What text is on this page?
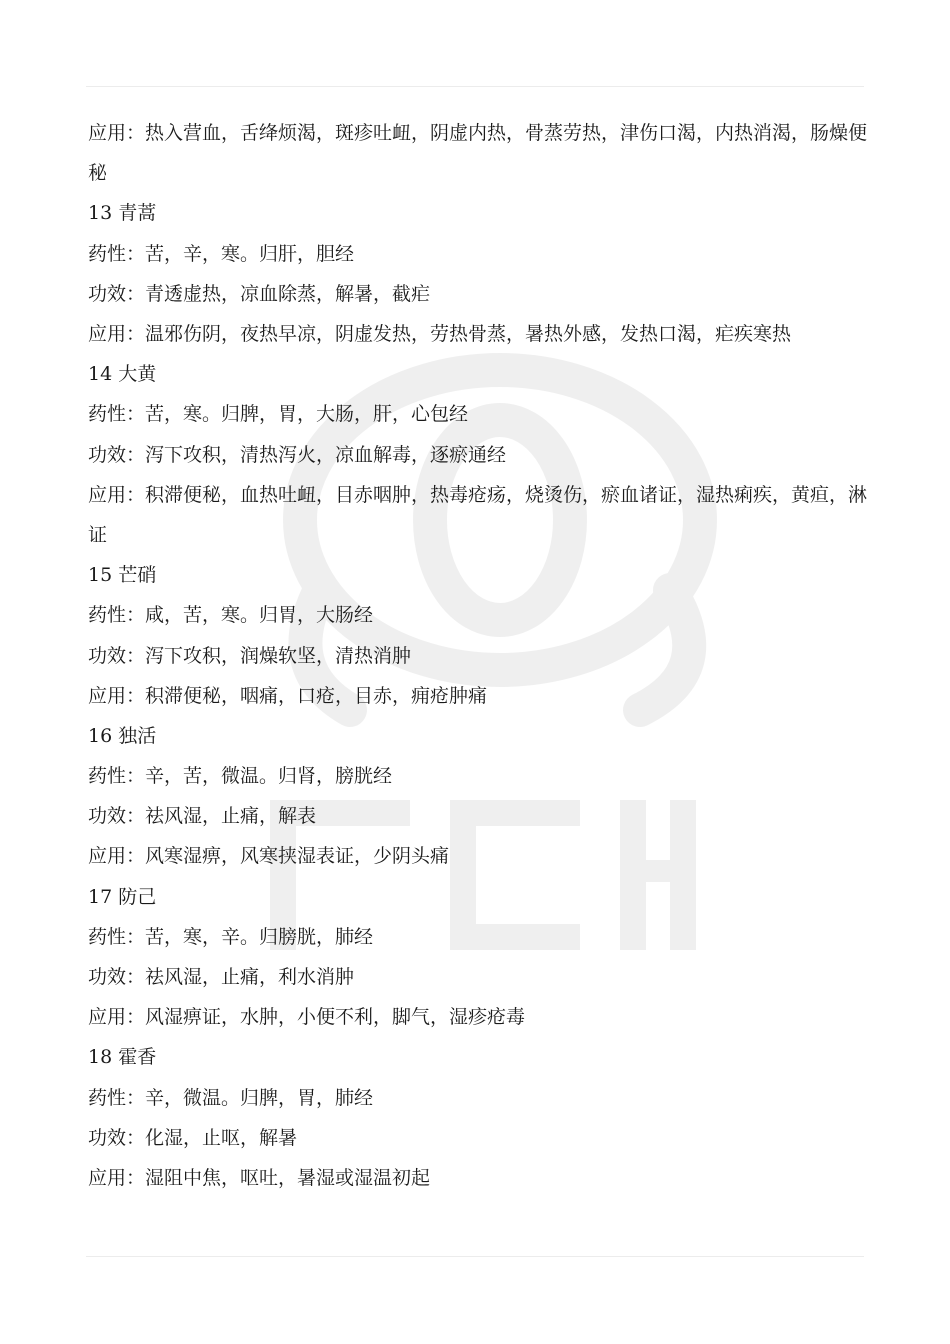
应用：热入营血，舌绛烦渴，斑疹吐衄，阴虚内热，骨蒸劳热，津伤口渴，内热消渴，肠燥便秘
13 青蒿
药性：苦，辛，寒。归肝，胆经
功效：青透虚热，凉血除蒸，解暑，截疟
应用：温邪伤阴，夜热早凉，阴虚发热，劳热骨蒸，暑热外感，发热口渴，疟疾寒热
14 大黄
药性：苦，寒。归脾，胃，大肠，肝，心包经
功效：泻下攻积，清热泻火，凉血解毒，逐瘀通经
应用：积滞便秘，血热吐衄，目赤咽肿，热毒疮疡，烧烫伤，瘀血诸证，湿热痢疾，黄疸，淋证
15 芒硝
药性：咸，苦，寒。归胃，大肠经
功效：泻下攻积，润燥软坚，清热消肿
应用：积滞便秘，咽痛，口疮，目赤，痈疮肿痛
16 独活
药性：辛，苦，微温。归肾，膀胱经
功效：祛风湿，止痛，解表
应用：风寒湿痹，风寒挟湿表证，少阴头痛
17 防己
药性：苦，寒，辛。归膀胱，肺经
功效：祛风湿，止痛，利水消肿
应用：风湿痹证，水肿，小便不利，脚气，湿疹疮毒
18 霍香
药性：辛，微温。归脾，胃，肺经
功效：化湿，止呕，解暑
应用：湿阻中焦，呕吐，暑湿或湿温初起
